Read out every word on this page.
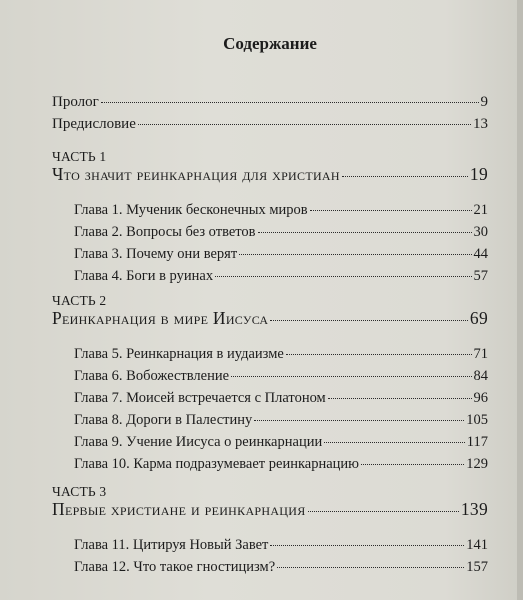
Содержание
Пролог	9
Предисловие	13
ЧАСТЬ 1
Что значит реинкарнация для христиан	19
Глава 1. Мученик бесконечных миров	21
Глава 2. Вопросы без ответов	30
Глава 3. Почему они верят	44
Глава 4. Боги в руинах	57
ЧАСТЬ 2
Реинкарнация в мире Иисуса	69
Глава 5. Реинкарнация в иудаизме	71
Глава 6. Вобожествление	84
Глава 7. Моисей встречается с Платоном	96
Глава 8. Дороги в Палестину	105
Глава 9. Учение Иисуса о реинкарнации	117
Глава 10. Карма подразумевает реинкарнацию	129
ЧАСТЬ 3
Первые христиане и реинкарнация	139
Глава 11. Цитируя Новый Завет	141
Глава 12. Что такое гностицизм?	157
